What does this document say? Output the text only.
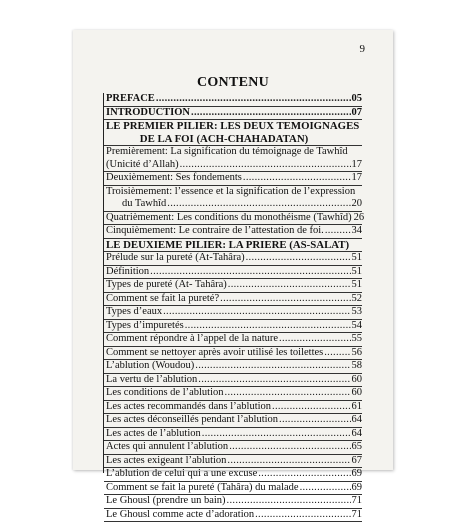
9
CONTENU
PREFACE .....	05
INTRODUCTION .....	07
LE PREMIER PILIER: LES DEUX TEMOIGNAGES
DE LA FOI (ACH-CHAHADATAN)
Premièrement: La signification du témoignage de Tawhîd
(Unicité d’Allah) .....	17
Deuxièmement: Ses fondements .....	17
Troisièmement: l’essence et la signification de l’expression
du Tawhîd .....	20
Quatrièmement: Les conditions du monothéisme (Tawhîd) 26
Cinquièmement: Le contraire de l’attestation de foi. .....	34
LE DEUXIEME PILIER: LA PRIERE (AS-SALAT)
Prélude sur la pureté (At-Tahâra) .....	51
Définition .....	51
Types de pureté (At- Tahâra) .....	51
Comment se fait la pureté? .....	52
Types d’eaux .....	53
Types d’impuretés .....	54
Comment répondre à l’appel de la nature .....	55
Comment se nettoyer après avoir utilisé les toilettes .....	56
L’ablution (Woudou) .....	58
La vertu de l’ablution .....	60
Les conditions de l’ablution .....	60
Les actes recommandés dans l’ablution .....	61
Les actes déconseillés pendant l’ablution .....	64
Les actes de l’ablution .....	64
Actes qui annulent l’ablution .....	65
Les actes exigeant l’ablution .....	67
L’ablution de celui qui a une excuse .....	69
Comment se fait la pureté (Tahâra) du malade .....	69
Le Ghousl (prendre un bain) .....	71
Le Ghousl comme acte d’adoration .....	71
